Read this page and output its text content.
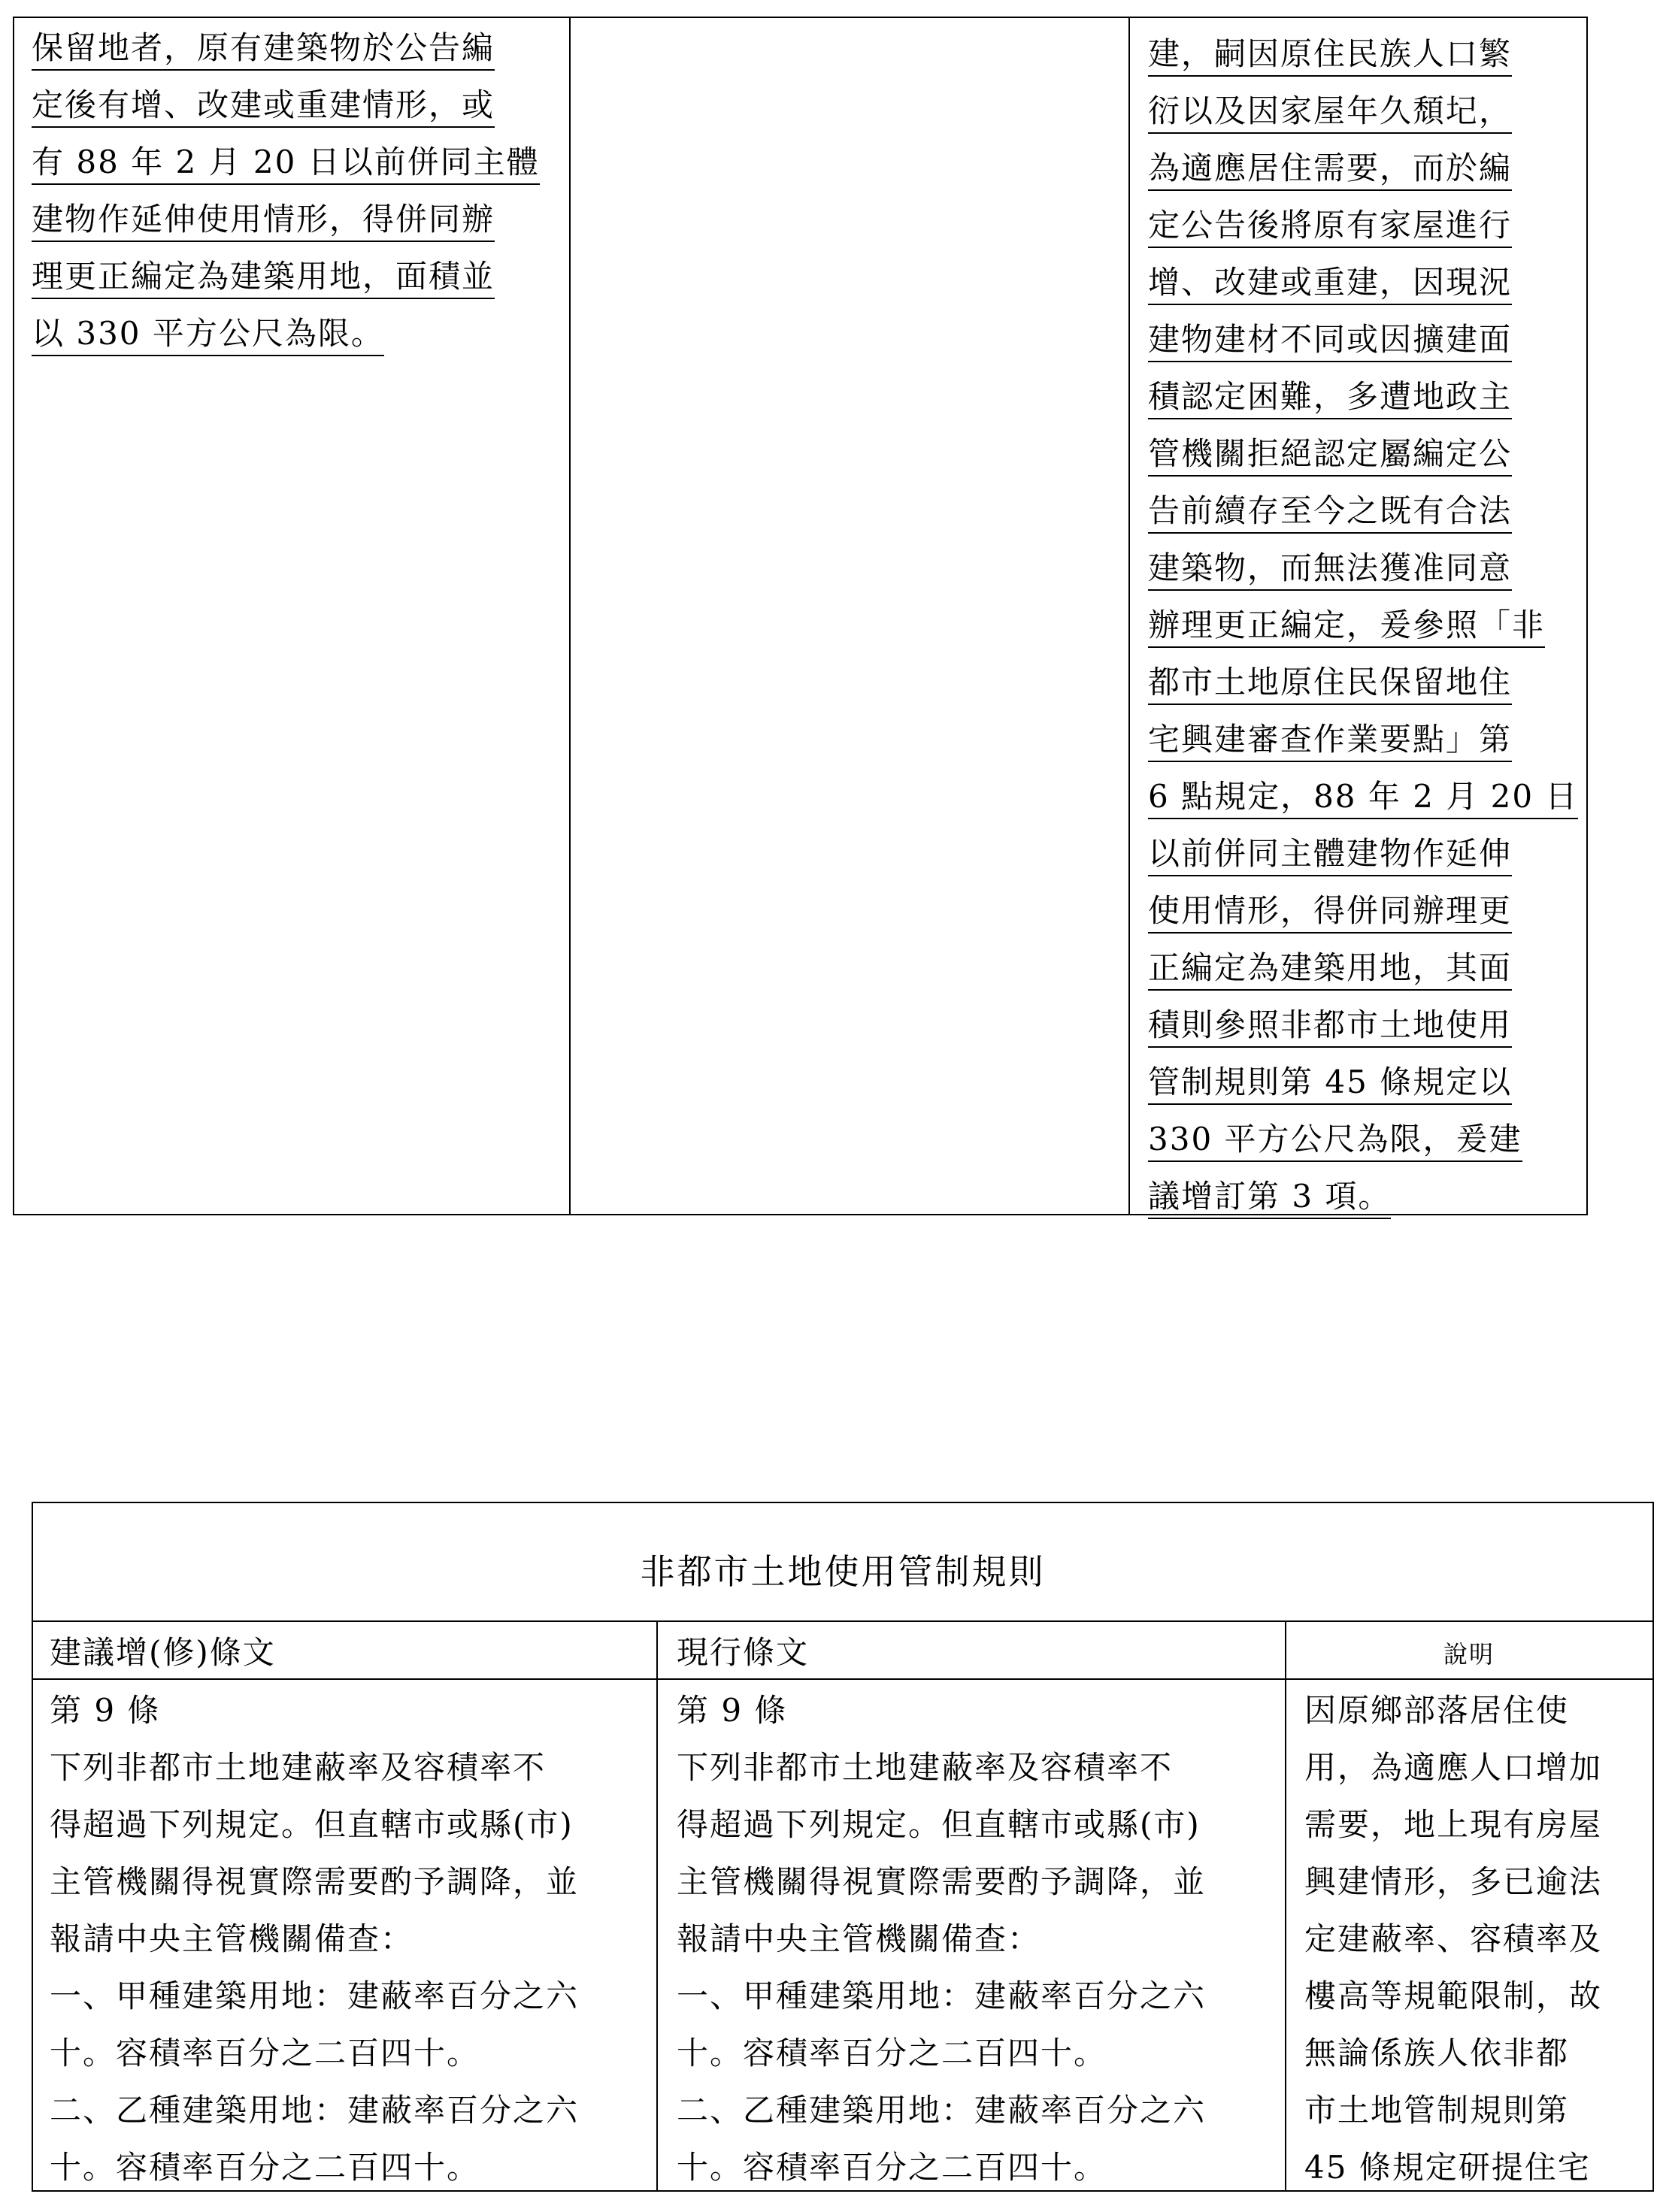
保留地者，原有建築物於公告編
定後有增、改建或重建情形，或
有 88 年 2 月 20 日以前併同主體
建物作延伸使用情形，得併同辦
理更正編定為建築用地，面積並
以 330 平方公尺為限。
建，嗣因原住民族人口繁
衍以及因家屋年久頹圮，
為適應居住需要，而於編
定公告後將原有家屋進行
增、改建或重建，因現況
建物建材不同或因擴建面
積認定困難，多遭地政主
管機關拒絕認定屬編定公
告前續存至今之既有合法
建築物，而無法獲准同意
辦理更正編定，爰參照「非
都市土地原住民保留地住
宅興建審查作業要點」第
6 點規定，88 年 2 月 20 日
以前併同主體建物作延伸
使用情形，得併同辦理更
正編定為建築用地，其面
積則參照非都市土地使用
管制規則第 45 條規定以
330 平方公尺為限，爰建
議增訂第 3 項。
非都市土地使用管制規則
建議增(修)條文	現行條文	說明
第 9 條
下列非都市土地建蔽率及容積率不
得超過下列規定。但直轄市或縣(市)
主管機關得視實際需要酌予調降，並
報請中央主管機關備查：
一、甲種建築用地：建蔽率百分之六
十。容積率百分之二百四十。
二、乙種建築用地：建蔽率百分之六
十。容積率百分之二百四十。
第 9 條
下列非都市土地建蔽率及容積率不
得超過下列規定。但直轄市或縣(市)
主管機關得視實際需要酌予調降，並
報請中央主管機關備查：
一、甲種建築用地：建蔽率百分之六
十。容積率百分之二百四十。
二、乙種建築用地：建蔽率百分之六
十。容積率百分之二百四十。
因原鄉部落居住使
用，為適應人口增加
需要，地上現有房屋
興建情形，多已逾法
定建蔽率、容積率及
樓高等規範限制，故
無論係族人依非都
市土地管制規則第
45 條規定研提住宅
